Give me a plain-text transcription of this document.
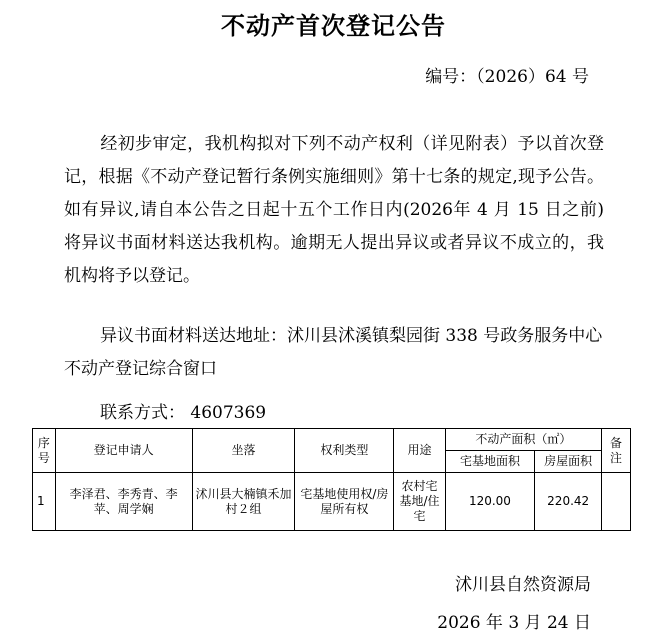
不动产首次登记公告
编号：（2026）64 号
经初步审定，我机构拟对下列不动产权利（详见附表）予以首次登记，根据《不动产登记暂行条例实施细则》第十七条的规定,现予公告。如有异议,请自本公告之日起十五个工作日内(2026年 4 月 15 日之前)将异议书面材料送达我机构。逾期无人提出异议或者异议不成立的，我机构将予以登记。
异议书面材料送达地址：沭川县沭溪镇梨园街 338 号政务服务中心不动产登记综合窗口
联系方式： 4607369
序号	登记申请人	坐落	权利类型	用途	不动产面积（㎡）		备注
					宅基地面积	房屋面积	
1	李泽君、李秀青、李苹、周学娴	沭川县大楠镇禾加村２组	宅基地使用权/房屋所有权	农村宅基地/住宅	120.00	220.42	
沭川县自然资源局
2026 年 3 月 24 日
